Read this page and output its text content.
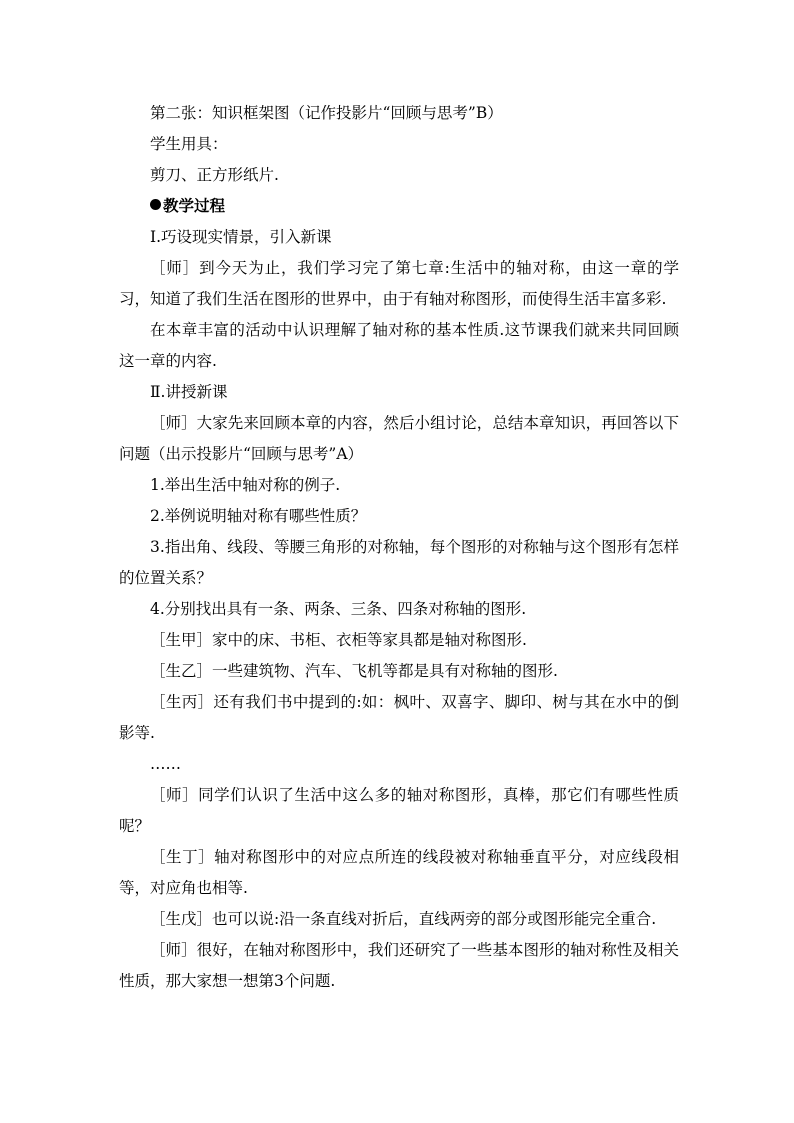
第二张：知识框架图（记作投影片“回顾与思考”B）

学生用具：

剪刀、正方形纸片.

教学过程

Ⅰ.巧设现实情景，引入新课

［师］到今天为止，我们学习完了第七章:生活中的轴对称，由这一章的学习，知道了我们生活在图形的世界中，由于有轴对称图形，而使得生活丰富多彩.

在本章丰富的活动中认识理解了轴对称的基本性质.这节课我们就来共同回顾这一章的内容.

Ⅱ.讲授新课

［师］大家先来回顾本章的内容，然后小组讨论，总结本章知识，再回答以下问题（出示投影片“回顾与思考”A）

1.举出生活中轴对称的例子.

2.举例说明轴对称有哪些性质？

3.指出角、线段、等腰三角形的对称轴，每个图形的对称轴与这个图形有怎样的位置关系？

4.分别找出具有一条、两条、三条、四条对称轴的图形.

［生甲］家中的床、书柜、衣柜等家具都是轴对称图形.

［生乙］一些建筑物、汽车、飞机等都是具有对称轴的图形.

［生丙］还有我们书中提到的:如：枫叶、双喜字、脚印、树与其在水中的倒影等.

……

［师］同学们认识了生活中这么多的轴对称图形，真棒，那它们有哪些性质呢？

［生丁］轴对称图形中的对应点所连的线段被对称轴垂直平分，对应线段相等，对应角也相等.

［生戊］也可以说:沿一条直线对折后，直线两旁的部分或图形能完全重合.

［师］很好，在轴对称图形中，我们还研究了一些基本图形的轴对称性及相关性质，那大家想一想第3个问题.
